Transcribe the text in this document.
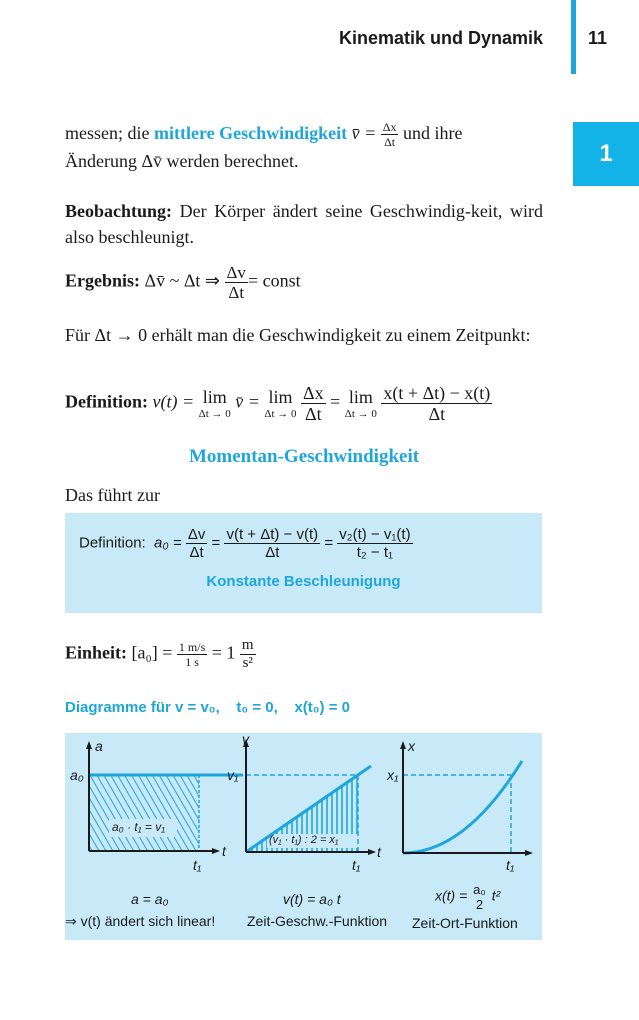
Kinematik und Dynamik	11
1
messen; die mittlere Geschwindigkeit v̄ = $\frac{\Delta x}{\Delta t}$ und ihre
Änderung Δv̄ werden berechnet.
Beobachtung: Der Körper ändert seine Geschwindig-keit, wird also beschleunigt.
Ergebnis: Δv̄ ~ Δt ⇒ $\frac{\Delta v}{\Delta t}$ = const
Für Δt → 0 erhält man die Geschwindigkeit zu einem Zeitpunkt:
Definition: v(t) = lim
Δt → 0
v̄ = lim
Δt → 0
$\frac{\Delta x}{\Delta t} = \lim$
Δt → 0
$\frac{x(t + \Delta t) - x(t)}{\Delta t}$
Momentan-Geschwindigkeit
Das führt zur
Definition: $a_0 = \frac{\Delta v}{\Delta t} = \frac{v(t + \Delta t) - v(t)}{\Delta t} = \frac{\text{v₂(t) − v₁(t)}}{\text{t₂ − t₁}}$
Konstante Beschleunigung
Einheit: $[a_0] = \frac{1 m/s}{1 s} = 1 \frac{m}{\text{s²}}$
Diagramme für v = v₀,    t₀ = 0,    x(t₀) = 0
a
a₀
t
t₁
a₀ · t₁ = v₁
a = a₀
⇒ v(t) ändert sich linear!
v
v₁
t
t₁
(v₁ · t₁) : 2 = x₁
v(t) = a₀ t
Zeit-Geschw.-Funktion
x
x₁
t₁
x(t) = a₀
2
t²
Zeit-Ort-Funktion
